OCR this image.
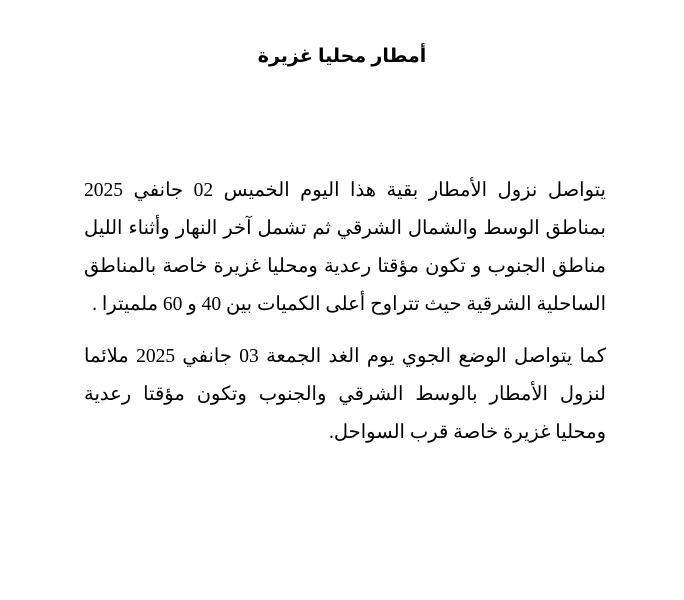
أمطار محليا غزيرة

يتواصل نزول الأمطار بقية هذا اليوم الخميس 02 جانفي 2025 بمناطق الوسط والشمال الشرقي ثم تشمل آخر النهار وأثناء الليل مناطق الجنوب و تكون مؤقتا رعدية ومحليا غزيرة خاصة بالمناطق الساحلية الشرقية حيث تتراوح أعلى الكميات بين 40 و 60 ملميترا .

كما يتواصل الوضع الجوي يوم الغد الجمعة 03 جانفي 2025 ملائما لنزول الأمطار بالوسط الشرقي والجنوب وتكون مؤقتا رعدية ومحليا غزيرة خاصة قرب السواحل.
